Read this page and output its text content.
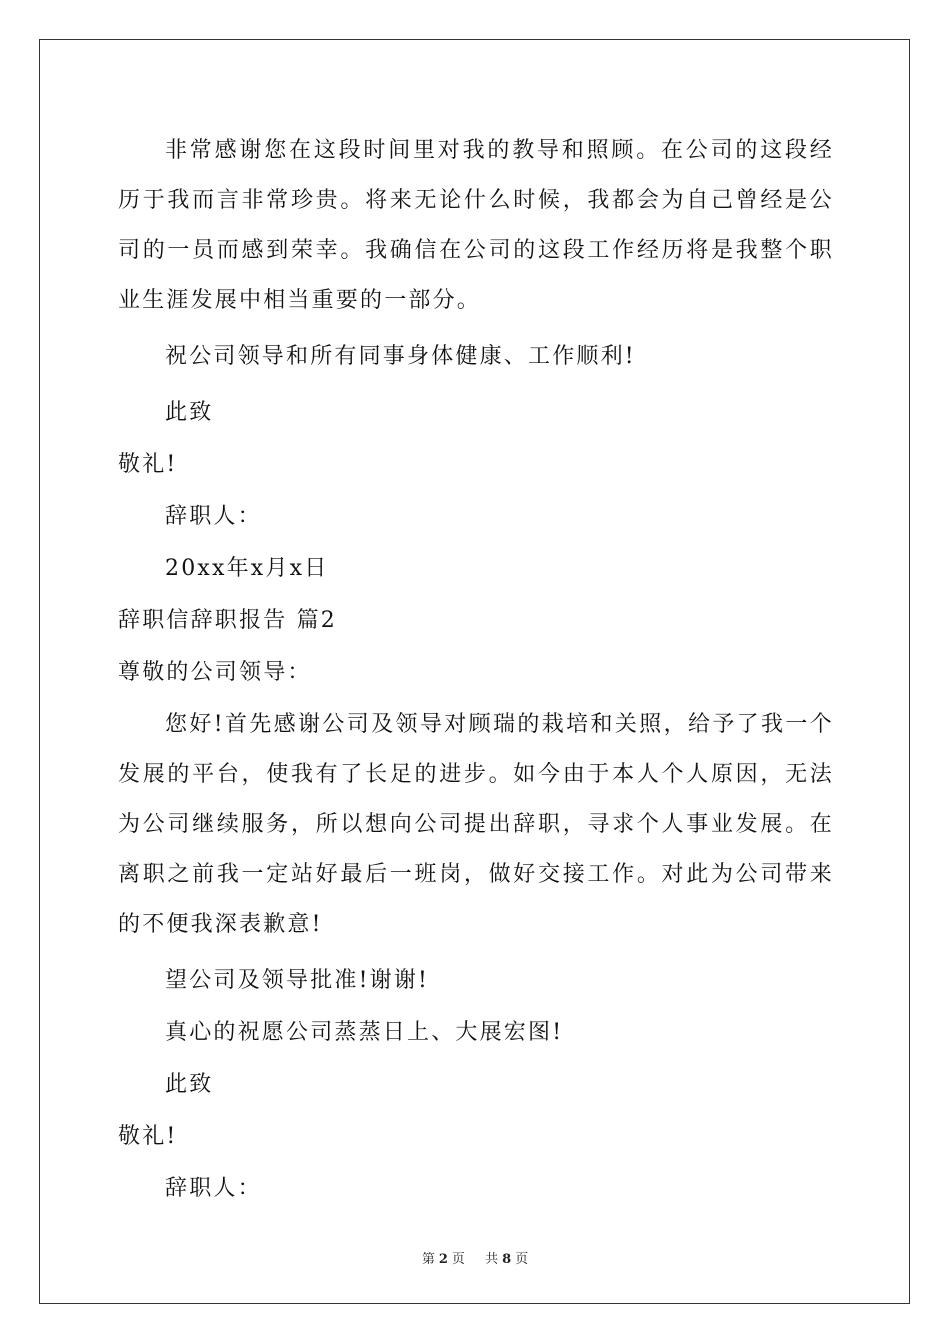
非常感谢您在这段时间里对我的教导和照顾。在公司的这段经历于我而言非常珍贵。将来无论什么时候，我都会为自己曾经是公司的一员而感到荣幸。我确信在公司的这段工作经历将是我整个职业生涯发展中相当重要的一部分。

祝公司领导和所有同事身体健康、工作顺利!

此致

敬礼!

辞职人：

20xx年x月x日

辞职信辞职报告 篇2

尊敬的公司领导：

您好!首先感谢公司及领导对顾瑞的栽培和关照，给予了我一个发展的平台，使我有了长足的进步。如今由于本人个人原因，无法为公司继续服务，所以想向公司提出辞职，寻求个人事业发展。在离职之前我一定站好最后一班岗，做好交接工作。对此为公司带来的不便我深表歉意!

望公司及领导批准!谢谢!

真心的祝愿公司蒸蒸日上、大展宏图!

此致

敬礼!

辞职人：

第 2 页 共 8 页
